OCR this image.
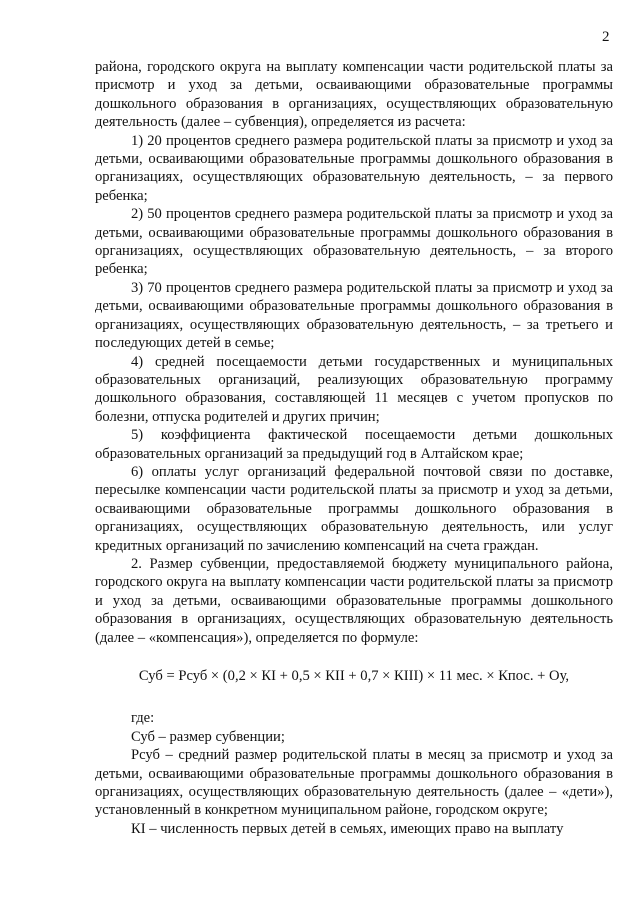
2

района, городского округа на выплату компенсации части родительской платы за присмотр и уход за детьми, осваивающими образовательные программы дошкольного образования в организациях, осуществляющих образовательную деятельность (далее – субвенция), определяется из расчета:

1) 20 процентов среднего размера родительской платы за присмотр и уход за детьми, осваивающими образовательные программы дошкольного образования в организациях, осуществляющих образовательную деятельность, – за первого ребенка;

2) 50 процентов среднего размера родительской платы за присмотр и уход за детьми, осваивающими образовательные программы дошкольного образования в организациях, осуществляющих образовательную деятельность, – за второго ребенка;

3) 70 процентов среднего размера родительской платы за присмотр и уход за детьми, осваивающими образовательные программы дошкольного образования в организациях, осуществляющих образовательную деятельность, – за третьего и последующих детей в семье;

4) средней посещаемости детьми государственных и муниципальных образовательных организаций, реализующих образовательную программу дошкольного образования, составляющей 11 месяцев с учетом пропусков по болезни, отпуска родителей и других причин;

5) коэффициента фактической посещаемости детьми дошкольных образовательных организаций за предыдущий год в Алтайском крае;

6) оплаты услуг организаций федеральной почтовой связи по доставке, пересылке компенсации части родительской платы за присмотр и уход за детьми, осваивающими образовательные программы дошкольного образования в организациях, осуществляющих образовательную деятельность, или услуг кредитных организаций по зачислению компенсаций на счета граждан.

2. Размер субвенции, предоставляемой бюджету муниципального района, городского округа на выплату компенсации части родительской платы за присмотр и уход за детьми, осваивающими образовательные программы дошкольного образования в организациях, осуществляющих образовательную деятельность (далее – «компенсация»), определяется по формуле:

Суб = Рсуб × (0,2 × КI + 0,5 × КII + 0,7 × КIII) × 11 мес. × Кпос. + Оу,

где:

Суб – размер субвенции;

Рсуб – средний размер родительской платы в месяц за присмотр и уход за детьми, осваивающими образовательные программы дошкольного образования в организациях, осуществляющих образовательную деятельность (далее – «дети»), установленный в конкретном муниципальном районе, городском округе;

КI – численность первых детей в семьях, имеющих право на выплату
